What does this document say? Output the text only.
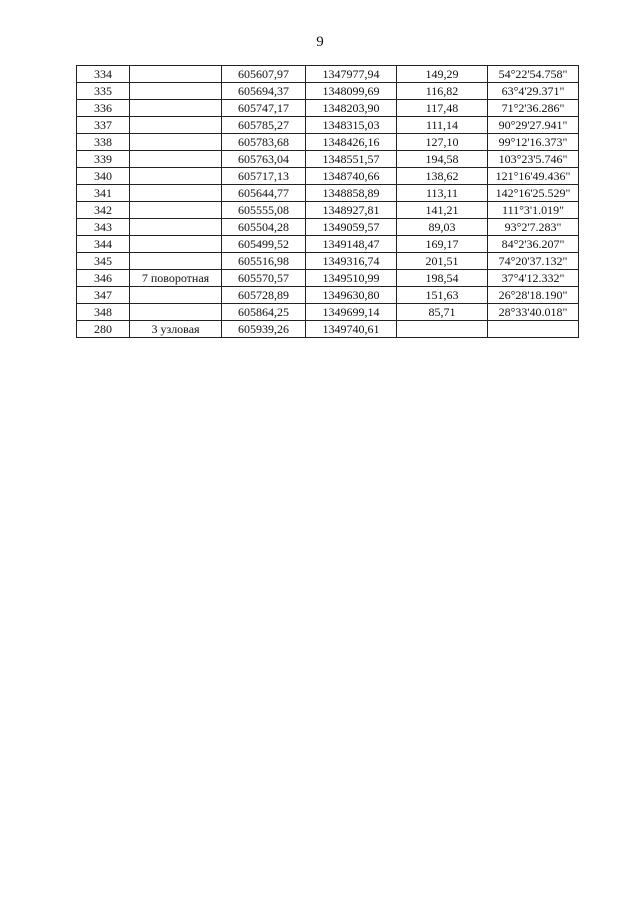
9
334		605607,97	1347977,94	149,29	54°22'54.758"
335		605694,37	1348099,69	116,82	63°4'29.371"
336		605747,17	1348203,90	117,48	71°2'36.286"
337		605785,27	1348315,03	111,14	90°29'27.941"
338		605783,68	1348426,16	127,10	99°12'16.373"
339		605763,04	1348551,57	194,58	103°23'5.746"
340		605717,13	1348740,66	138,62	121°16'49.436"
341		605644,77	1348858,89	113,11	142°16'25.529"
342		605555,08	1348927,81	141,21	111°3'1.019"
343		605504,28	1349059,57	89,03	93°2'7.283"
344		605499,52	1349148,47	169,17	84°2'36.207"
345		605516,98	1349316,74	201,51	74°20'37.132"
346	7 поворотная	605570,57	1349510,99	198,54	37°4'12.332"
347		605728,89	1349630,80	151,63	26°28'18.190"
348		605864,25	1349699,14	85,71	28°33'40.018"
280	3 узловая	605939,26	1349740,61		
